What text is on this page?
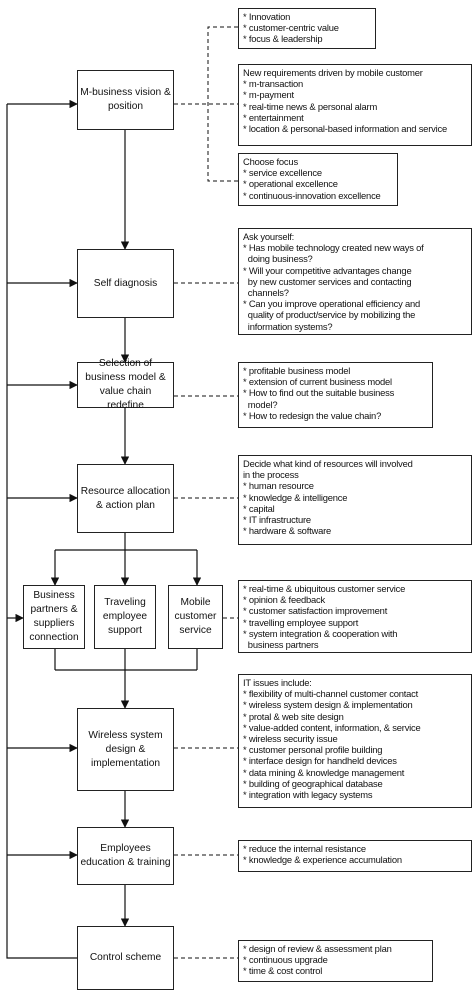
M-business vision & position
Self diagnosis
Selection of business model & value chain redefine
Resource allocation & action plan
Business partners & suppliers connection
Traveling employee support
Mobile customer service
Wireless system design & implementation
Employees education & training
Control scheme
* Innovation
* customer-centric value
* focus & leadership
New requirements driven by mobile customer
* m-transaction
* m-payment
* real-time news & personal alarm
* entertainment
* location & personal-based information and service
Choose focus
* service excellence
* operational excellence
* continuous-innovation excellence
Ask yourself:
* Has mobile technology created new ways of
doing business?
* Will your competitive advantages change
by new customer services and contacting
channels?
* Can you improve operational efficiency and
quality of product/service by mobilizing the
information systems?
* profitable business model
* extension of current business model
* How to find out the suitable business
model?
* How to redesign the value chain?
Decide what kind of resources will involved
in the process
* human resource
* knowledge & intelligence
* capital
* IT infrastructure
* hardware & software
* real-time & ubiquitous customer service
* opinion & feedback
* customer satisfaction improvement
* travelling employee support
* system integration & cooperation with
business partners
IT issues include:
* flexibility of multi-channel customer contact
* wireless system design & implementation
* protal & web site design
* value-added content, information, & service
* wireless security issue
* customer personal profile building
* interface design for handheld devices
* data mining & knowledge management
* building of geographical database
* integration with legacy systems
* reduce the internal resistance
* knowledge & experience accumulation
* design of review & assessment plan
* continuous upgrade
* time & cost control
